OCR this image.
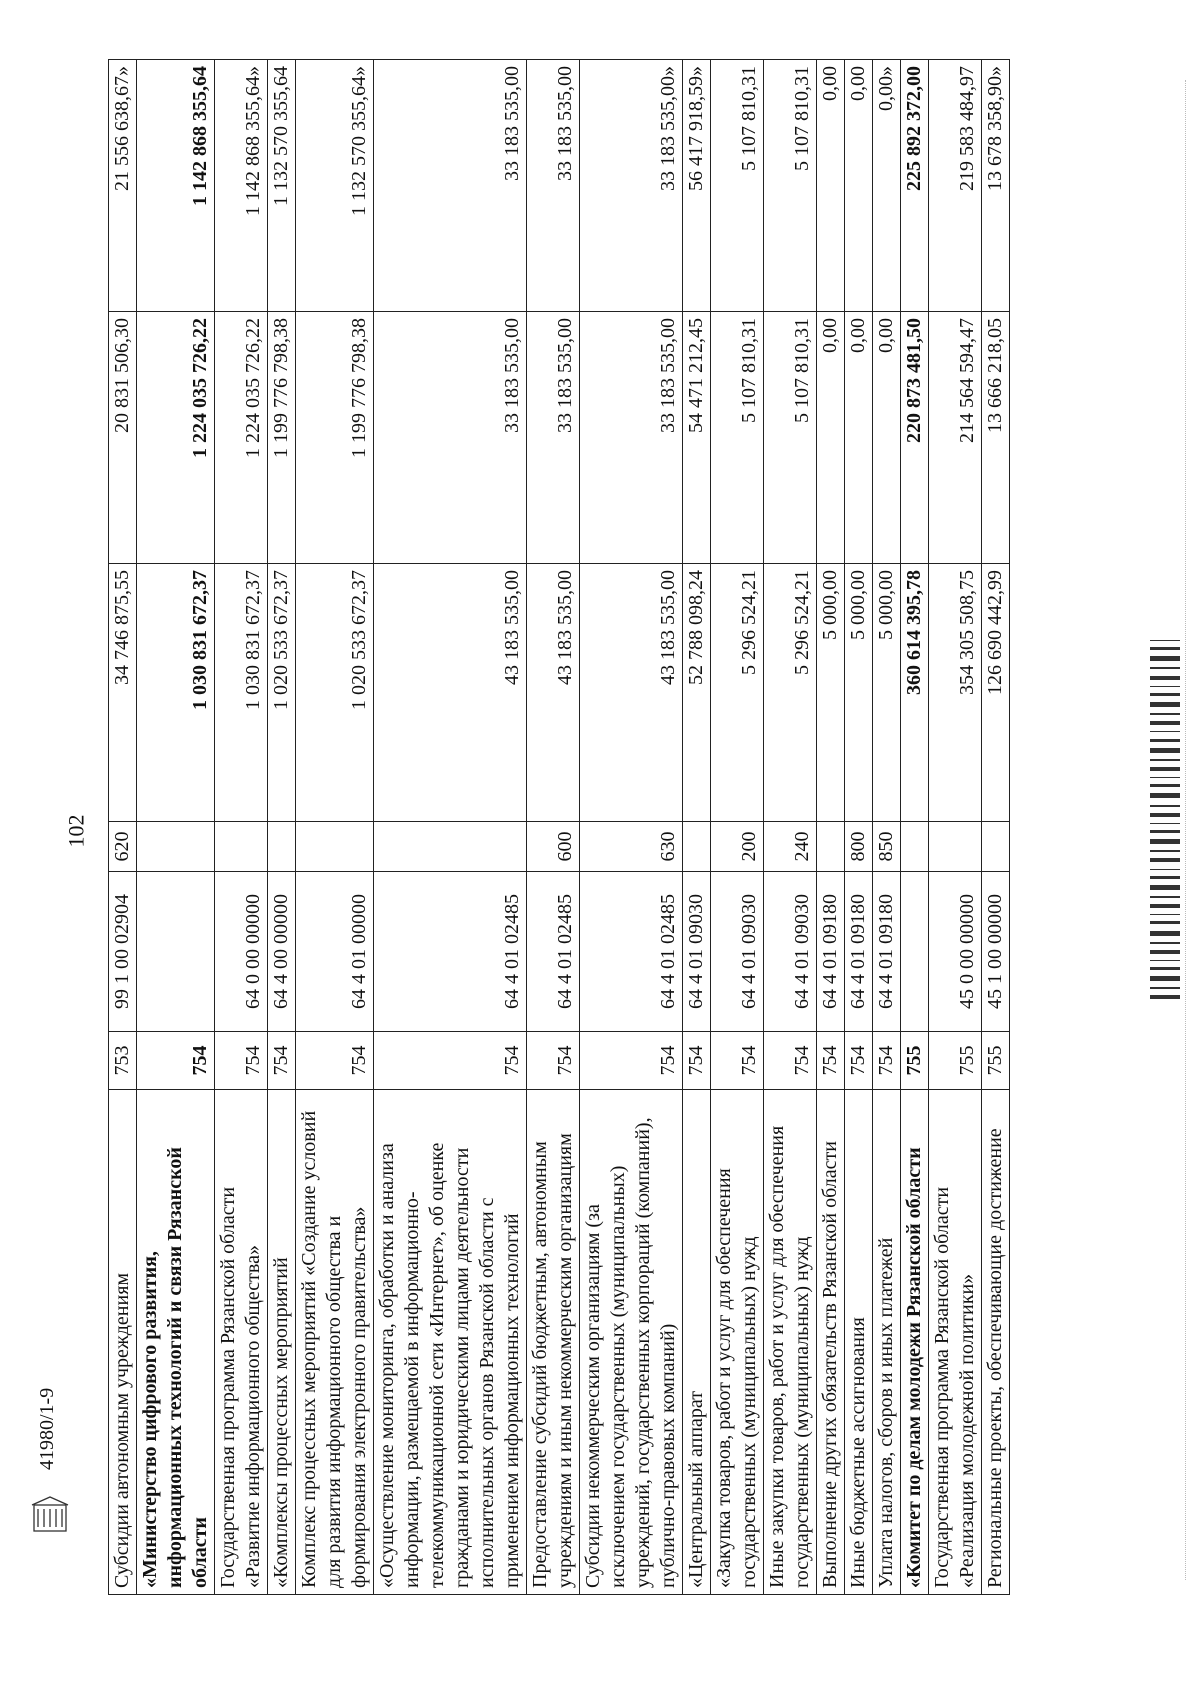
102
41980/1-9	Субсидии автономным учреждениям	753	99 1 00 02904	620	34 746 875,55	20 831 506,30	21 556 638,67»
«Министерство цифрового развития, информационных технологий и связи Рязанской области	754			1 030 831 672,37	1 224 035 726,22	1 142 868 355,64
Государственная программа Рязанской области «Развитие информационного общества»	754	64 0 00 00000		1 030 831 672,37	1 224 035 726,22	1 142 868 355,64»
«Комплексы процессных мероприятий	754	64 4 00 00000		1 020 533 672,37	1 199 776 798,38	1 132 570 355,64
Комплекс процессных мероприятий «Создание условий для развития информационного общества и формирования электронного правительства»	754	64 4 01 00000		1 020 533 672,37	1 199 776 798,38	1 132 570 355,64»
«Осуществление мониторинга, обработки и анализа информации, размещаемой в информационно-телекоммуникационной сети «Интернет», об оценке гражданами и юридическими лицами деятельности исполнительных органов Рязанской области с применением информационных технологий	754	64 4 01 02485		43 183 535,00	33 183 535,00	33 183 535,00
Предоставление субсидий бюджетным, автономным учреждениям и иным некоммерческим организациям	754	64 4 01 02485	600	43 183 535,00	33 183 535,00	33 183 535,00
Субсидии некоммерческим организациям (за исключением государственных (муниципальных) учреждений, государственных корпораций (компаний), публично-правовых компаний)	754	64 4 01 02485	630	43 183 535,00	33 183 535,00	33 183 535,00»
«Центральный аппарат	754	64 4 01 09030		52 788 098,24	54 471 212,45	56 417 918,59»
«Закупка товаров, работ и услуг для обеспечения государственных (муниципальных) нужд	754	64 4 01 09030	200	5 296 524,21	5 107 810,31	5 107 810,31
Иные закупки товаров, работ и услуг для обеспечения государственных (муниципальных) нужд	754	64 4 01 09030	240	5 296 524,21	5 107 810,31	5 107 810,31
Выполнение других обязательств Рязанской области	754	64 4 01 09180		5 000,00	0,00	0,00
Иные бюджетные ассигнования	754	64 4 01 09180	800	5 000,00	0,00	0,00
Уплата налогов, сборов и иных платежей	754	64 4 01 09180	850	5 000,00	0,00	0,00»
«Комитет по делам молодежи Рязанской области	755			360 614 395,78	220 873 481,50	225 892 372,00
Государственная программа Рязанской области «Реализация молодежной политики»	755	45 0 00 00000		354 305 508,75	214 564 594,47	219 583 484,97
Региональные проекты, обеспечивающие достижение	755	45 1 00 00000		126 690 442,99	13 666 218,05	13 678 358,90»
